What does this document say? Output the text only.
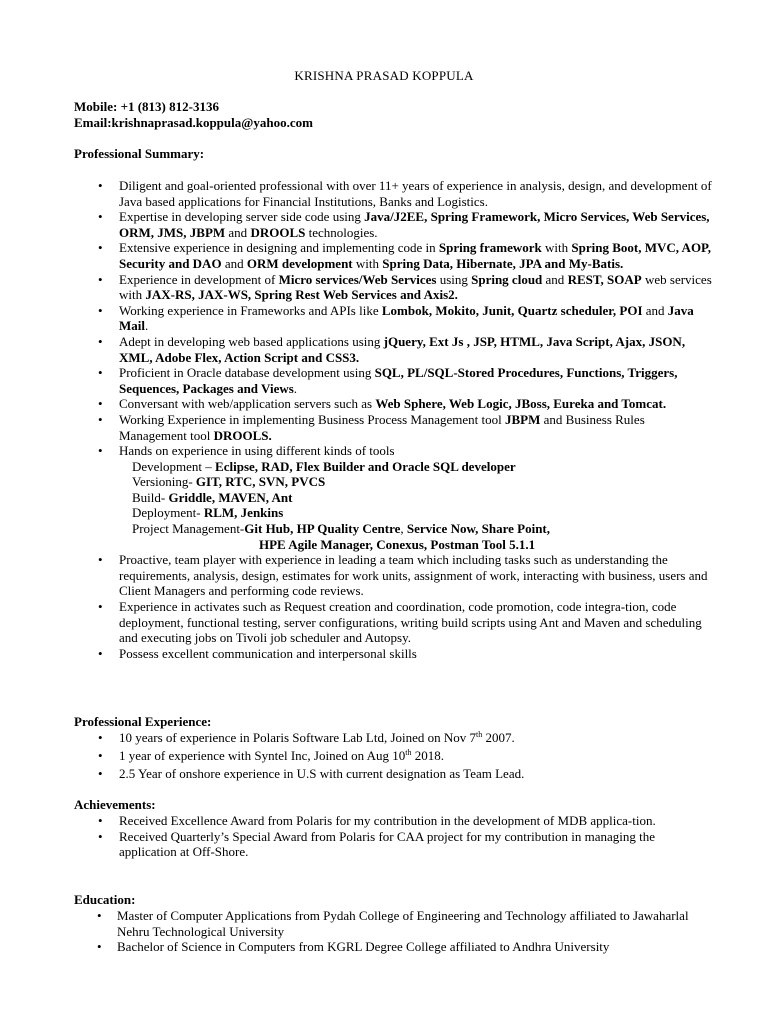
KRISHNA PRASAD KOPPULA
Mobile: +1 (813) 812-3136
Email:krishnaprasad.koppula@yahoo.com
Professional Summary:
• Diligent and goal-oriented professional with over 11+ years of experience in analysis, design, and development of Java based applications for Financial Institutions, Banks and Logistics.
• Expertise in developing server side code using Java/J2EE, Spring Framework, Micro Services, Web Services, ORM, JMS, JBPM and DROOLS technologies.
• Extensive experience in designing and implementing code in Spring framework with Spring Boot, MVC, AOP, Security and DAO and ORM development with Spring Data, Hibernate, JPA and My-Batis.
• Experience in development of Micro services/Web Services using Spring cloud and REST, SOAP web services with JAX-RS, JAX-WS, Spring Rest Web Services and Axis2.
• Working experience in Frameworks and APIs like Lombok, Mokito, Junit, Quartz scheduler, POI and Java Mail.
• Adept in developing web based applications using jQuery, Ext Js , JSP, HTML, Java Script, Ajax, JSON, XML, Adobe Flex, Action Script and CSS3.
• Proficient in Oracle database development using SQL, PL/SQL-Stored Procedures, Functions, Triggers, Sequences, Packages and Views.
• Conversant with web/application servers such as Web Sphere, Web Logic, JBoss, Eureka and Tomcat.
• Working Experience in implementing Business Process Management tool JBPM and Business Rules Management tool DROOLS.
• Hands on experience in using different kinds of tools
Development – Eclipse, RAD, Flex Builder and Oracle SQL developer
Versioning- GIT, RTC, SVN, PVCS
Build- Griddle, MAVEN, Ant
Deployment- RLM, Jenkins
Project Management-Git Hub, HP Quality Centre, Service Now, Share Point,
HPE Agile Manager, Conexus, Postman Tool 5.1.1
• Proactive, team player with experience in leading a team which including tasks such as understanding the requirements, analysis, design, estimates for work units, assignment of work, interacting with business, users and Client Managers and performing code reviews.
• Experience in activates such as Request creation and coordination, code promotion, code integra-tion, code deployment, functional testing, server configurations, writing build scripts using Ant and Maven and scheduling and executing jobs on Tivoli job scheduler and Autopsy.
• Possess excellent communication and interpersonal skills
Professional Experience:
• 10 years of experience in Polaris Software Lab Ltd, Joined on Nov 7th 2007.
• 1 year of experience with Syntel Inc, Joined on Aug 10th 2018.
• 2.5 Year of onshore experience in U.S with current designation as Team Lead.
Achievements:
• Received Excellence Award from Polaris for my contribution in the development of MDB applica-tion.
• Received Quarterly’s Special Award from Polaris for CAA project for my contribution in managing the application at Off-Shore.
Education:
• Master of Computer Applications from Pydah College of Engineering and Technology affiliated to Jawaharlal Nehru Technological University
• Bachelor of Science in Computers from KGRL Degree College affiliated to Andhra University
